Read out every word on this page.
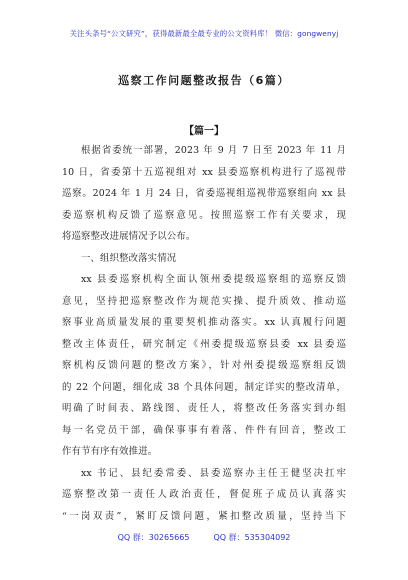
关注头条号“公文研究”，获得最新最全最专业的公文资料库！ 微信：gongwenyj
巡察工作问题整改报告（6篇）
【篇一】
根据省委统一部署，2023 年 9 月 7 日至 2023 年 11 月
10 日，省委第十五巡视组对 xx 县委巡察机构进行了巡视带
巡察。2024 年 1 月 24 日，省委巡视组巡视带巡察组向 xx 县
委巡察机构反馈了巡察意见。按照巡察工作有关要求，现
将巡察整改进展情况予以公布。
一、组织整改落实情况
xx 县委巡察机构全面认领州委提级巡察组的巡察反馈
意见，坚持把巡察整改作为规范实操、提升质效、推动巡
察事业高质量发展的重要契机推动落实。xx 认真履行问题
整改主体责任，研究制定《州委提级巡察县委 xx 县委巡
察机构反馈问题的整改方案》，针对州委提级巡察组反馈
的 22 个问题，细化成 38 个具体问题，制定详实的整改清单，
明确了时间表、路线图、责任人，将整改任务落实到办组
每一名党员干部，确保事事有着落、件件有回音，整改工
作有节有序有效推进。
xx 书记、县纪委常委、县委巡察办主任王健坚决扛牢
巡察整改第一责任人政治责任，督促班子成员认真落实
“一岗双责”，紧盯反馈问题，紧扣整改质量，坚持当下
QQ 群：30265665	QQ 群：535304092
